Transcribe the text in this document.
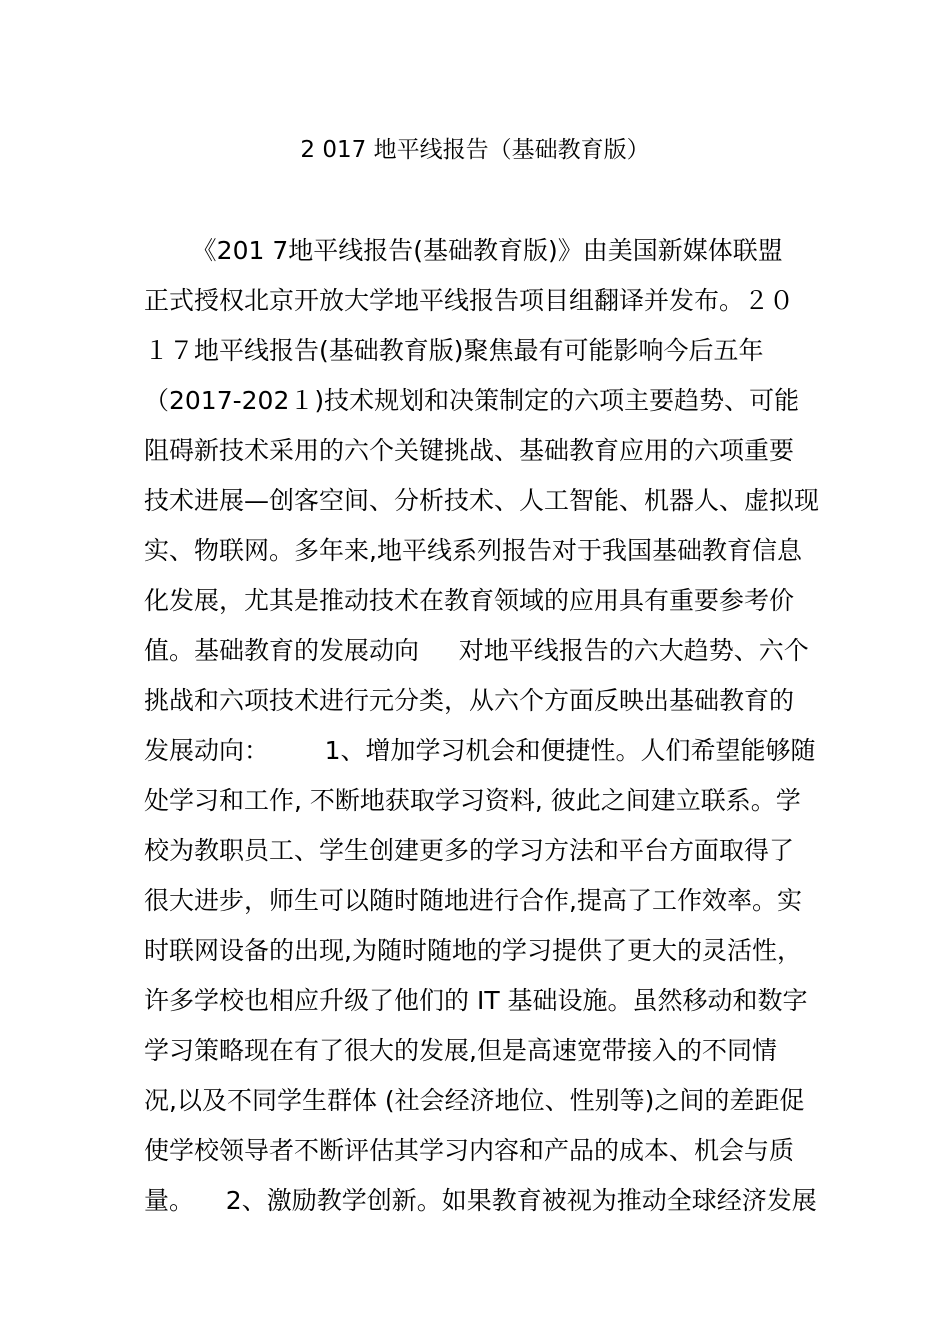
2 017 地平线报告（基础教育版）
《201 7地平线报告(基础教育版)》由美国新媒体联盟
正式授权北京开放大学地平线报告项目组翻译并发布。２０
１７地平线报告(基础教育版)聚焦最有可能影响今后五年
（2017-202１)技术规划和决策制定的六项主要趋势、可能
阻碍新技术采用的六个关键挑战、基础教育应用的六项重要
技术进展—创客空间、分析技术、人工智能、机器人、虚拟现
实、物联网。多年来,地平线系列报告对于我国基础教育信息
化发展，尤其是推动技术在教育领域的应用具有重要参考价
值。基础教育的发展动向     对地平线报告的六大趋势、六个
挑战和六项技术进行元分类，从六个方面反映出基础教育的
发展动向：       1、增加学习机会和便捷性。人们希望能够随
处学习和工作, 不断地获取学习资料, 彼此之间建立联系。学
校为教职员工、学生创建更多的学习方法和平台方面取得了
很大进步，师生可以随时随地进行合作,提高了工作效率。实
时联网设备的出现,为随时随地的学习提供了更大的灵活性，
许多学校也相应升级了他们的 IT 基础设施。虽然移动和数字
学习策略现在有了很大的发展,但是高速宽带接入的不同情
况,以及不同学生群体 (社会经济地位、性别等)之间的差距促
使学校领导者不断评估其学习内容和产品的成本、机会与质
量。    2、激励教学创新。如果教育被视为推动全球经济发展
